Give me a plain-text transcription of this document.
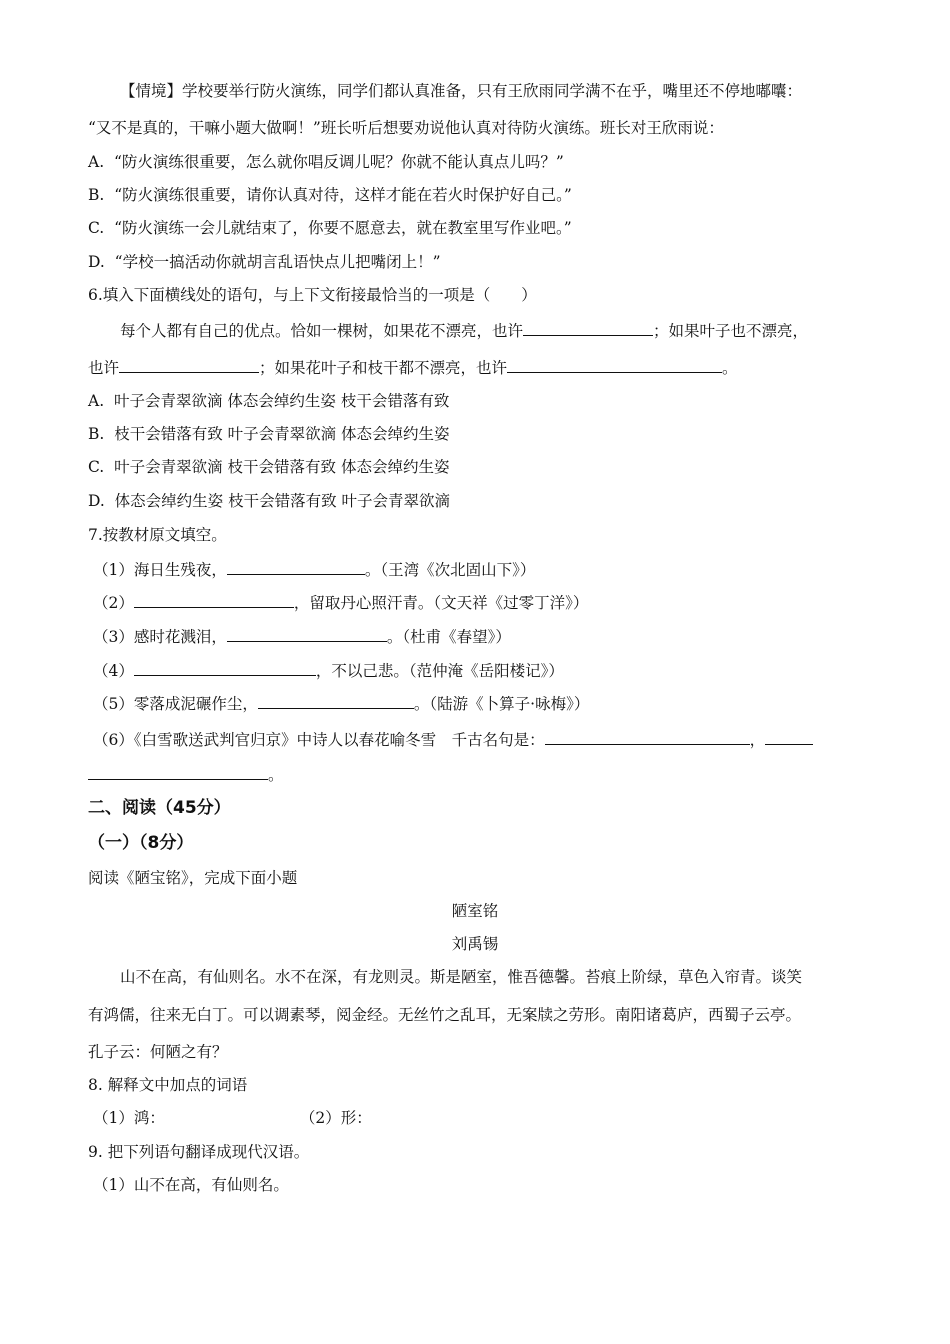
【情境】学校要举行防火演练，同学们都认真准备，只有王欣雨同学满不在乎，嘴里还不停地嘟囔：
“又不是真的，干嘛小题大做啊！”班长听后想要劝说他认真对待防火演练。班长对王欣雨说：
A. “防火演练很重要，怎么就你唱反调儿呢？你就不能认真点儿吗？”
B. “防火演练很重要，请你认真对待，这样才能在若火时保护好自己。”
C. “防火演练一会儿就结束了，你要不愿意去，就在教室里写作业吧。”
D. “学校一搞活动你就胡言乱语快点儿把嘴闭上！”
6.填入下面横线处的语句，与上下文衔接最恰当的一项是（　　）
每个人都有自己的优点。恰如一棵树，如果花不漂亮，也许	；如果叶子也不漂亮，
也许	；如果花叶子和枝干都不漂亮，也许	。
A. 叶子会青翠欲滴 体态会绰约生姿 枝干会错落有致
B. 枝干会错落有致 叶子会青翠欲滴 体态会绰约生姿
C. 叶子会青翠欲滴 枝干会错落有致 体态会绰约生姿
D. 体态会绰约生姿 枝干会错落有致 叶子会青翠欲滴
7.按教材原文填空。
（1）海日生残夜，	。（王湾《次北固山下》）
（2）	，留取丹心照汗青。（文天祥《过零丁洋》）
（3）感时花溅泪，	。（杜甫《春望》）
（4）	，不以己悲。（范仲淹《岳阳楼记》）
（5）零落成泥碾作尘，	。（陆游《卜算子·咏梅》）
（6）《白雪歌送武判官归京》中诗人以春花喻冬雪　千古名句是：	，
。
二、阅读（45分）
（一）（8分）
阅读《陋宝铭》，完成下面小题
陋室铭
刘禹锡
山不在高，有仙则名。水不在深，有龙则灵。斯是陋室，惟吾德馨。苔痕上阶绿，草色入帘青。谈笑
有鸿儒，往来无白丁。可以调素琴，阅金经。无丝竹之乱耳，无案牍之劳形。南阳诸葛庐，西蜀子云亭。
孔子云：何陋之有？
8. 解释文中加点的词语
（1）鸿：	（2）形：
9. 把下列语句翻译成现代汉语。
（1）山不在高，有仙则名。
